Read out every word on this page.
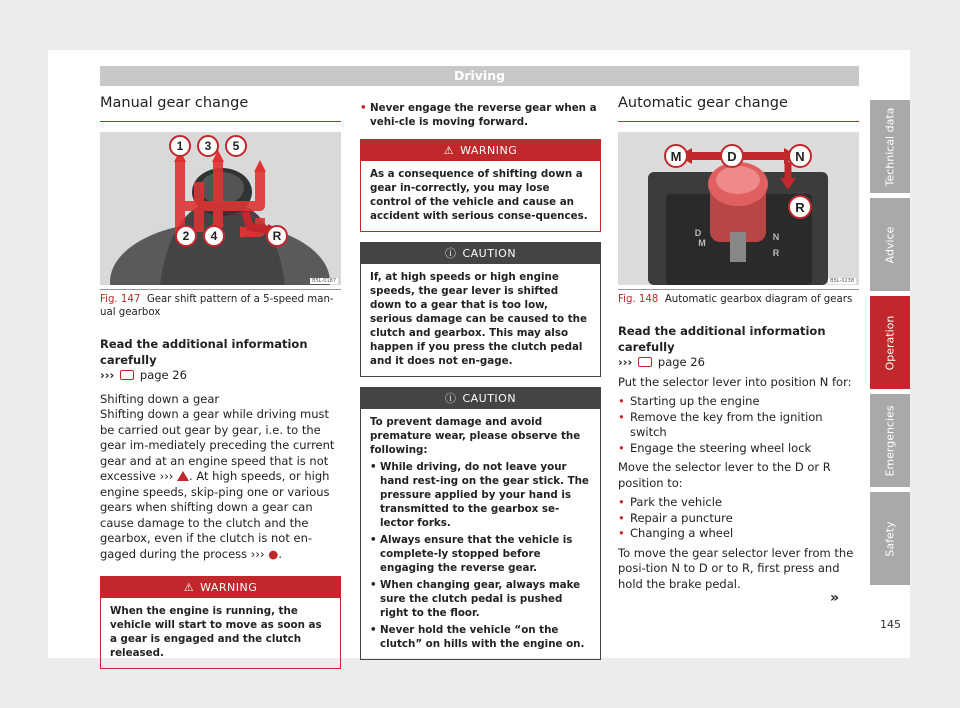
Driving
Manual gear change
1 3 5
2 4	R
B5L-0187
Fig. 147 Gear shift pattern of a 5-speed man-ual gearbox
Read the additional information carefully
›››  page 26
Shifting down a gear
Shifting down a gear while driving must be carried out gear by gear, i.e. to the gear im-mediately preceding the current gear and at an engine speed that is not excessive ››› . At high speeds, or high engine speeds, skip-ping one or various gears when shifting down a gear can cause damage to the clutch and the gearbox, even if the clutch is not en-gaged during the process ››› ●.
⚠ WARNING
When the engine is running, the vehicle will start to move as soon as a gear is engaged and the clutch released.
• Never engage the reverse gear when a vehi-cle is moving forward.
⚠ WARNING
As a consequence of shifting down a gear in-correctly, you may lose control of the vehicle and cause an accident with serious conse-quences.
ⓘ CAUTION
If, at high speeds or high engine speeds, the gear lever is shifted down to a gear that is too low, serious damage can be caused to the clutch and gearbox. This may also happen if you press the clutch pedal and it does not en-gage.
ⓘ CAUTION
To prevent damage and avoid premature wear, please observe the following:
• While driving, do not leave your hand rest-ing on the gear stick. The pressure applied by your hand is transmitted to the gearbox se-lector forks.
• Always ensure that the vehicle is complete-ly stopped before engaging the reverse gear.
• When changing gear, always make sure the clutch pedal is pushed right to the floor.
• Never hold the vehicle “on the clutch” on hills with the engine on.
Automatic gear change
D
M
N
R
M	D	N
R
B5L-0238
Fig. 148 Automatic gearbox diagram of gears
Read the additional information carefully
›››  page 26
Put the selector lever into position N for:
• Starting up the engine
• Remove the key from the ignition switch
• Engage the steering wheel lock
Move the selector lever to the D or R position to:
• Park the vehicle
• Repair a puncture
• Changing a wheel
To move the gear selector lever from the posi-tion N to D or to R, first press and hold the brake pedal.
»
Technical data
Advice
Operation
Emergencies
Safety
145
